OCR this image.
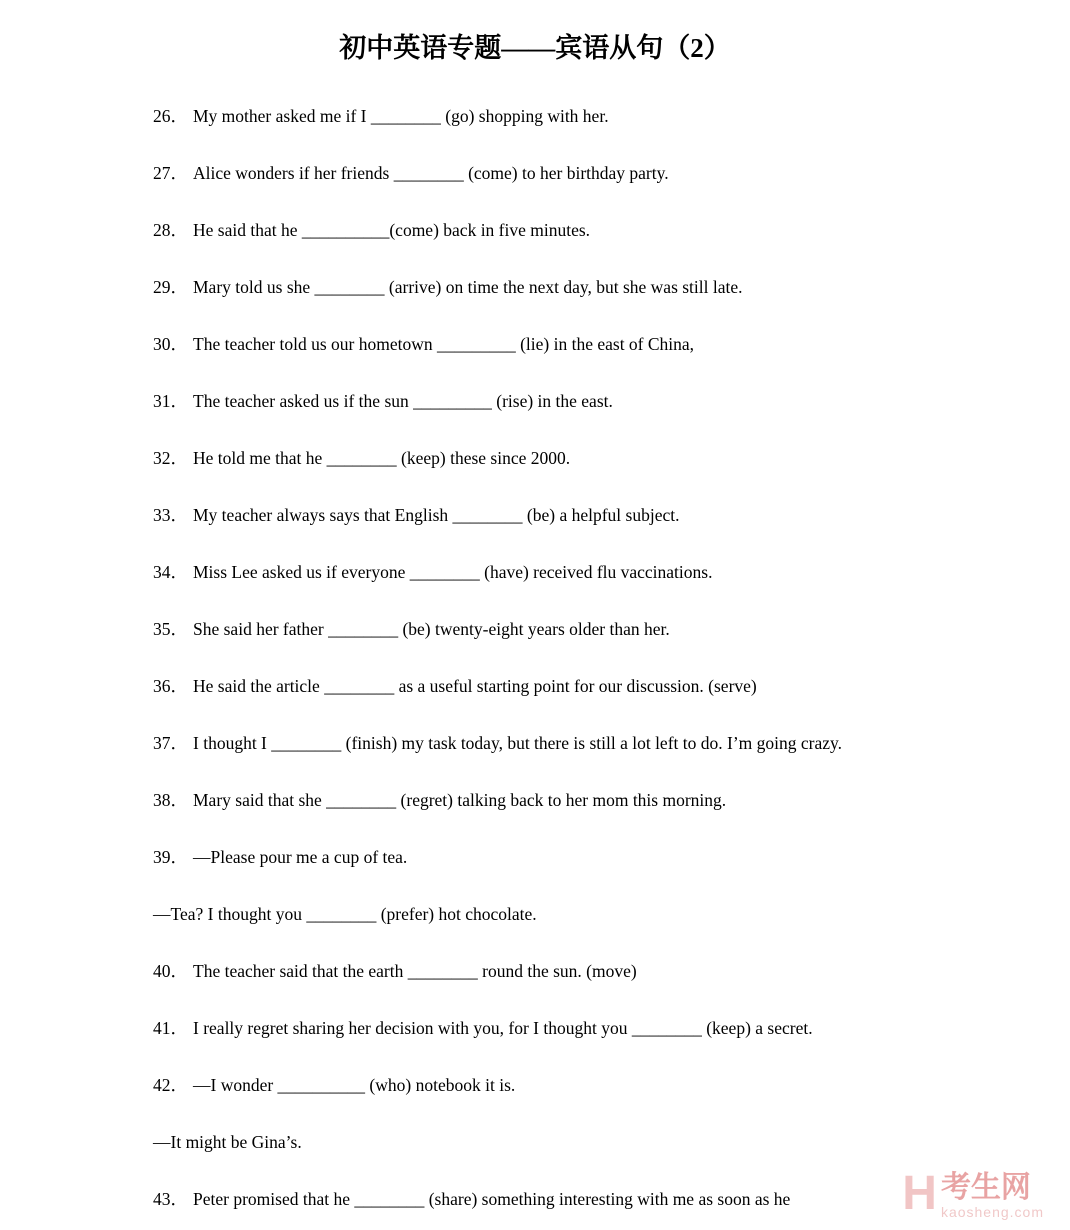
初中英语专题——宾语从句（2）

26． My mother asked me if I ________ (go) shopping with her.

27． Alice wonders if her friends ________ (come) to her birthday party.

28． He said that he __________(come) back in five minutes.

29． Mary told us she ________ (arrive) on time the next day, but she was still late.

30． The teacher told us our hometown _________ (lie) in the east of China,

31． The teacher asked us if the sun _________ (rise) in the east.

32． He told me that he ________ (keep) these since 2000.

33． My teacher always says that English ________ (be) a helpful subject.

34． Miss Lee asked us if everyone ________ (have) received flu vaccinations.

35． She said her father ________ (be) twenty-eight years older than her.

36． He said the article ________ as a useful starting point for our discussion. (serve)

37． I thought I ________ (finish) my task today, but there is still a lot left to do. I’m going crazy.

38． Mary said that she ________ (regret) talking back to her mom this morning.

39． —Please pour me a cup of tea.

—Tea? I thought you ________ (prefer) hot chocolate.

40． The teacher said that the earth ________ round the sun. (move)

41． I really regret sharing her decision with you, for I thought you ________ (keep) a secret.

42． —I wonder __________ (who) notebook it is.

—It might be Gina’s.

43． Peter promised that he ________ (share) something interesting with me as soon as he	H 考生网
kaosheng.com
